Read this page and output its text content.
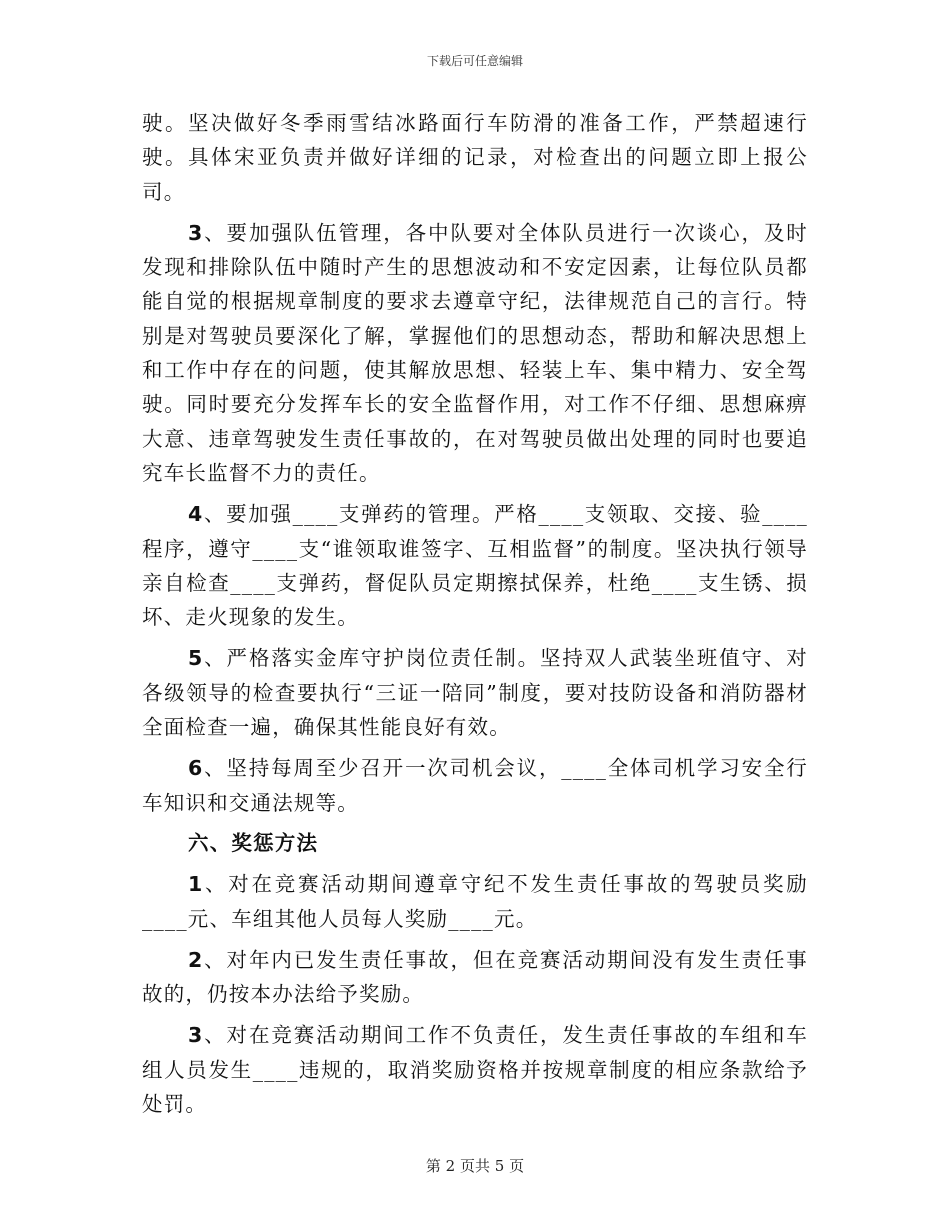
下载后可任意编辑

驶。坚决做好冬季雨雪结冰路面行车防滑的准备工作，严禁超速行驶。具体宋亚负责并做好详细的记录，对检查出的问题立即上报公司。

3、要加强队伍管理，各中队要对全体队员进行一次谈心，及时发现和排除队伍中随时产生的思想波动和不安定因素，让每位队员都能自觉的根据规章制度的要求去遵章守纪，法律规范自己的言行。特别是对驾驶员要深化了解，掌握他们的思想动态，帮助和解决思想上和工作中存在的问题，使其解放思想、轻装上车、集中精力、安全驾驶。同时要充分发挥车长的安全监督作用，对工作不仔细、思想麻痹大意、违章驾驶发生责任事故的，在对驾驶员做出处理的同时也要追究车长监督不力的责任。

4、要加强____支弹药的管理。严格____支领取、交接、验____程序，遵守____支“谁领取谁签字、互相监督”的制度。坚决执行领导亲自检查____支弹药，督促队员定期擦拭保养，杜绝____支生锈、损坏、走火现象的发生。

5、严格落实金库守护岗位责任制。坚持双人武装坐班值守、对各级领导的检查要执行“三证一陪同”制度，要对技防设备和消防器材全面检查一遍，确保其性能良好有效。

6、坚持每周至少召开一次司机会议，____全体司机学习安全行车知识和交通法规等。

六、奖惩方法

1、对在竞赛活动期间遵章守纪不发生责任事故的驾驶员奖励____元、车组其他人员每人奖励____元。

2、对年内已发生责任事故，但在竞赛活动期间没有发生责任事故的，仍按本办法给予奖励。

3、对在竞赛活动期间工作不负责任，发生责任事故的车组和车组人员发生____违规的，取消奖励资格并按规章制度的相应条款给予处罚。

第 2 页共 5 页
